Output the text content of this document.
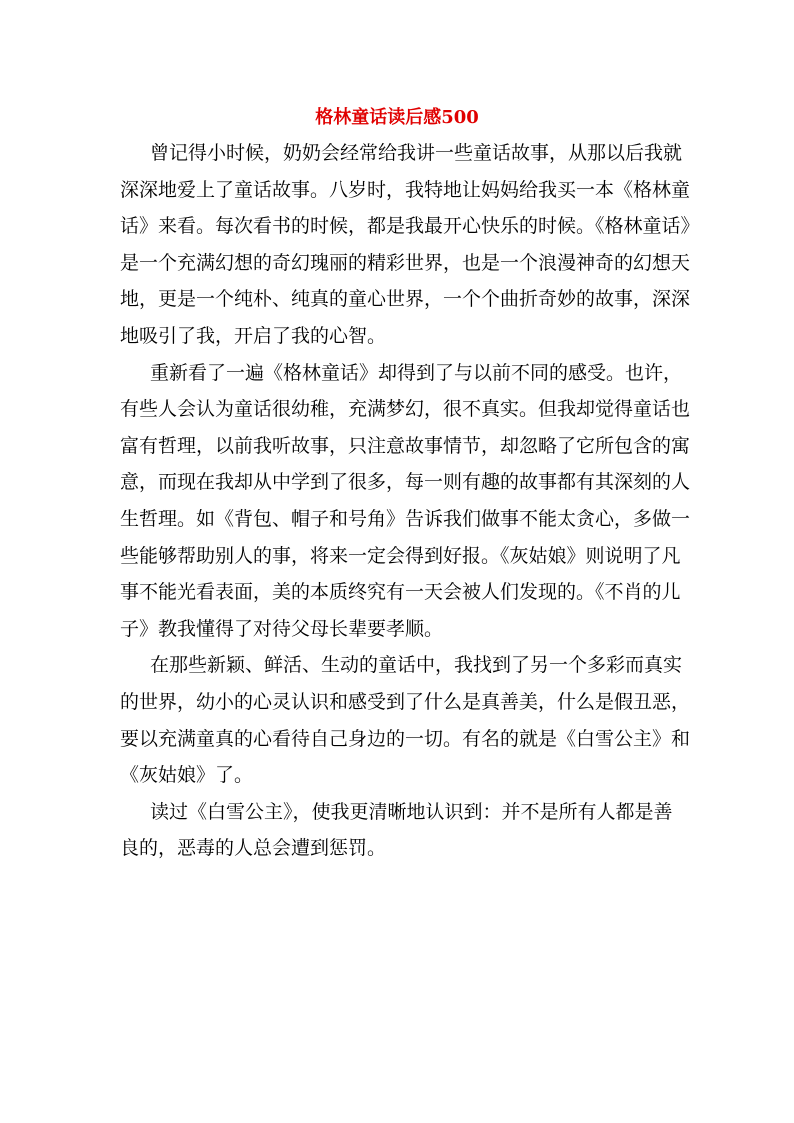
格林童话读后感500
曾记得小时候，奶奶会经常给我讲一些童话故事，从那以后我就
深深地爱上了童话故事。八岁时，我特地让妈妈给我买一本《格林童
话》来看。每次看书的时候，都是我最开心快乐的时候。《格林童话》
是一个充满幻想的奇幻瑰丽的精彩世界，也是一个浪漫神奇的幻想天
地，更是一个纯朴、纯真的童心世界，一个个曲折奇妙的故事，深深
地吸引了我，开启了我的心智。
重新看了一遍《格林童话》却得到了与以前不同的感受。也许，
有些人会认为童话很幼稚，充满梦幻，很不真实。但我却觉得童话也
富有哲理，以前我听故事，只注意故事情节，却忽略了它所包含的寓
意，而现在我却从中学到了很多，每一则有趣的故事都有其深刻的人
生哲理。如《背包、帽子和号角》告诉我们做事不能太贪心，多做一
些能够帮助别人的事，将来一定会得到好报。《灰姑娘》则说明了凡
事不能光看表面，美的本质终究有一天会被人们发现的。《不肖的儿
子》教我懂得了对待父母长辈要孝顺。
在那些新颖、鲜活、生动的童话中，我找到了另一个多彩而真实
的世界，幼小的心灵认识和感受到了什么是真善美，什么是假丑恶，
要以充满童真的心看待自己身边的一切。有名的就是《白雪公主》和
《灰姑娘》了。
读过《白雪公主》，使我更清晰地认识到：并不是所有人都是善
良的，恶毒的人总会遭到惩罚。
